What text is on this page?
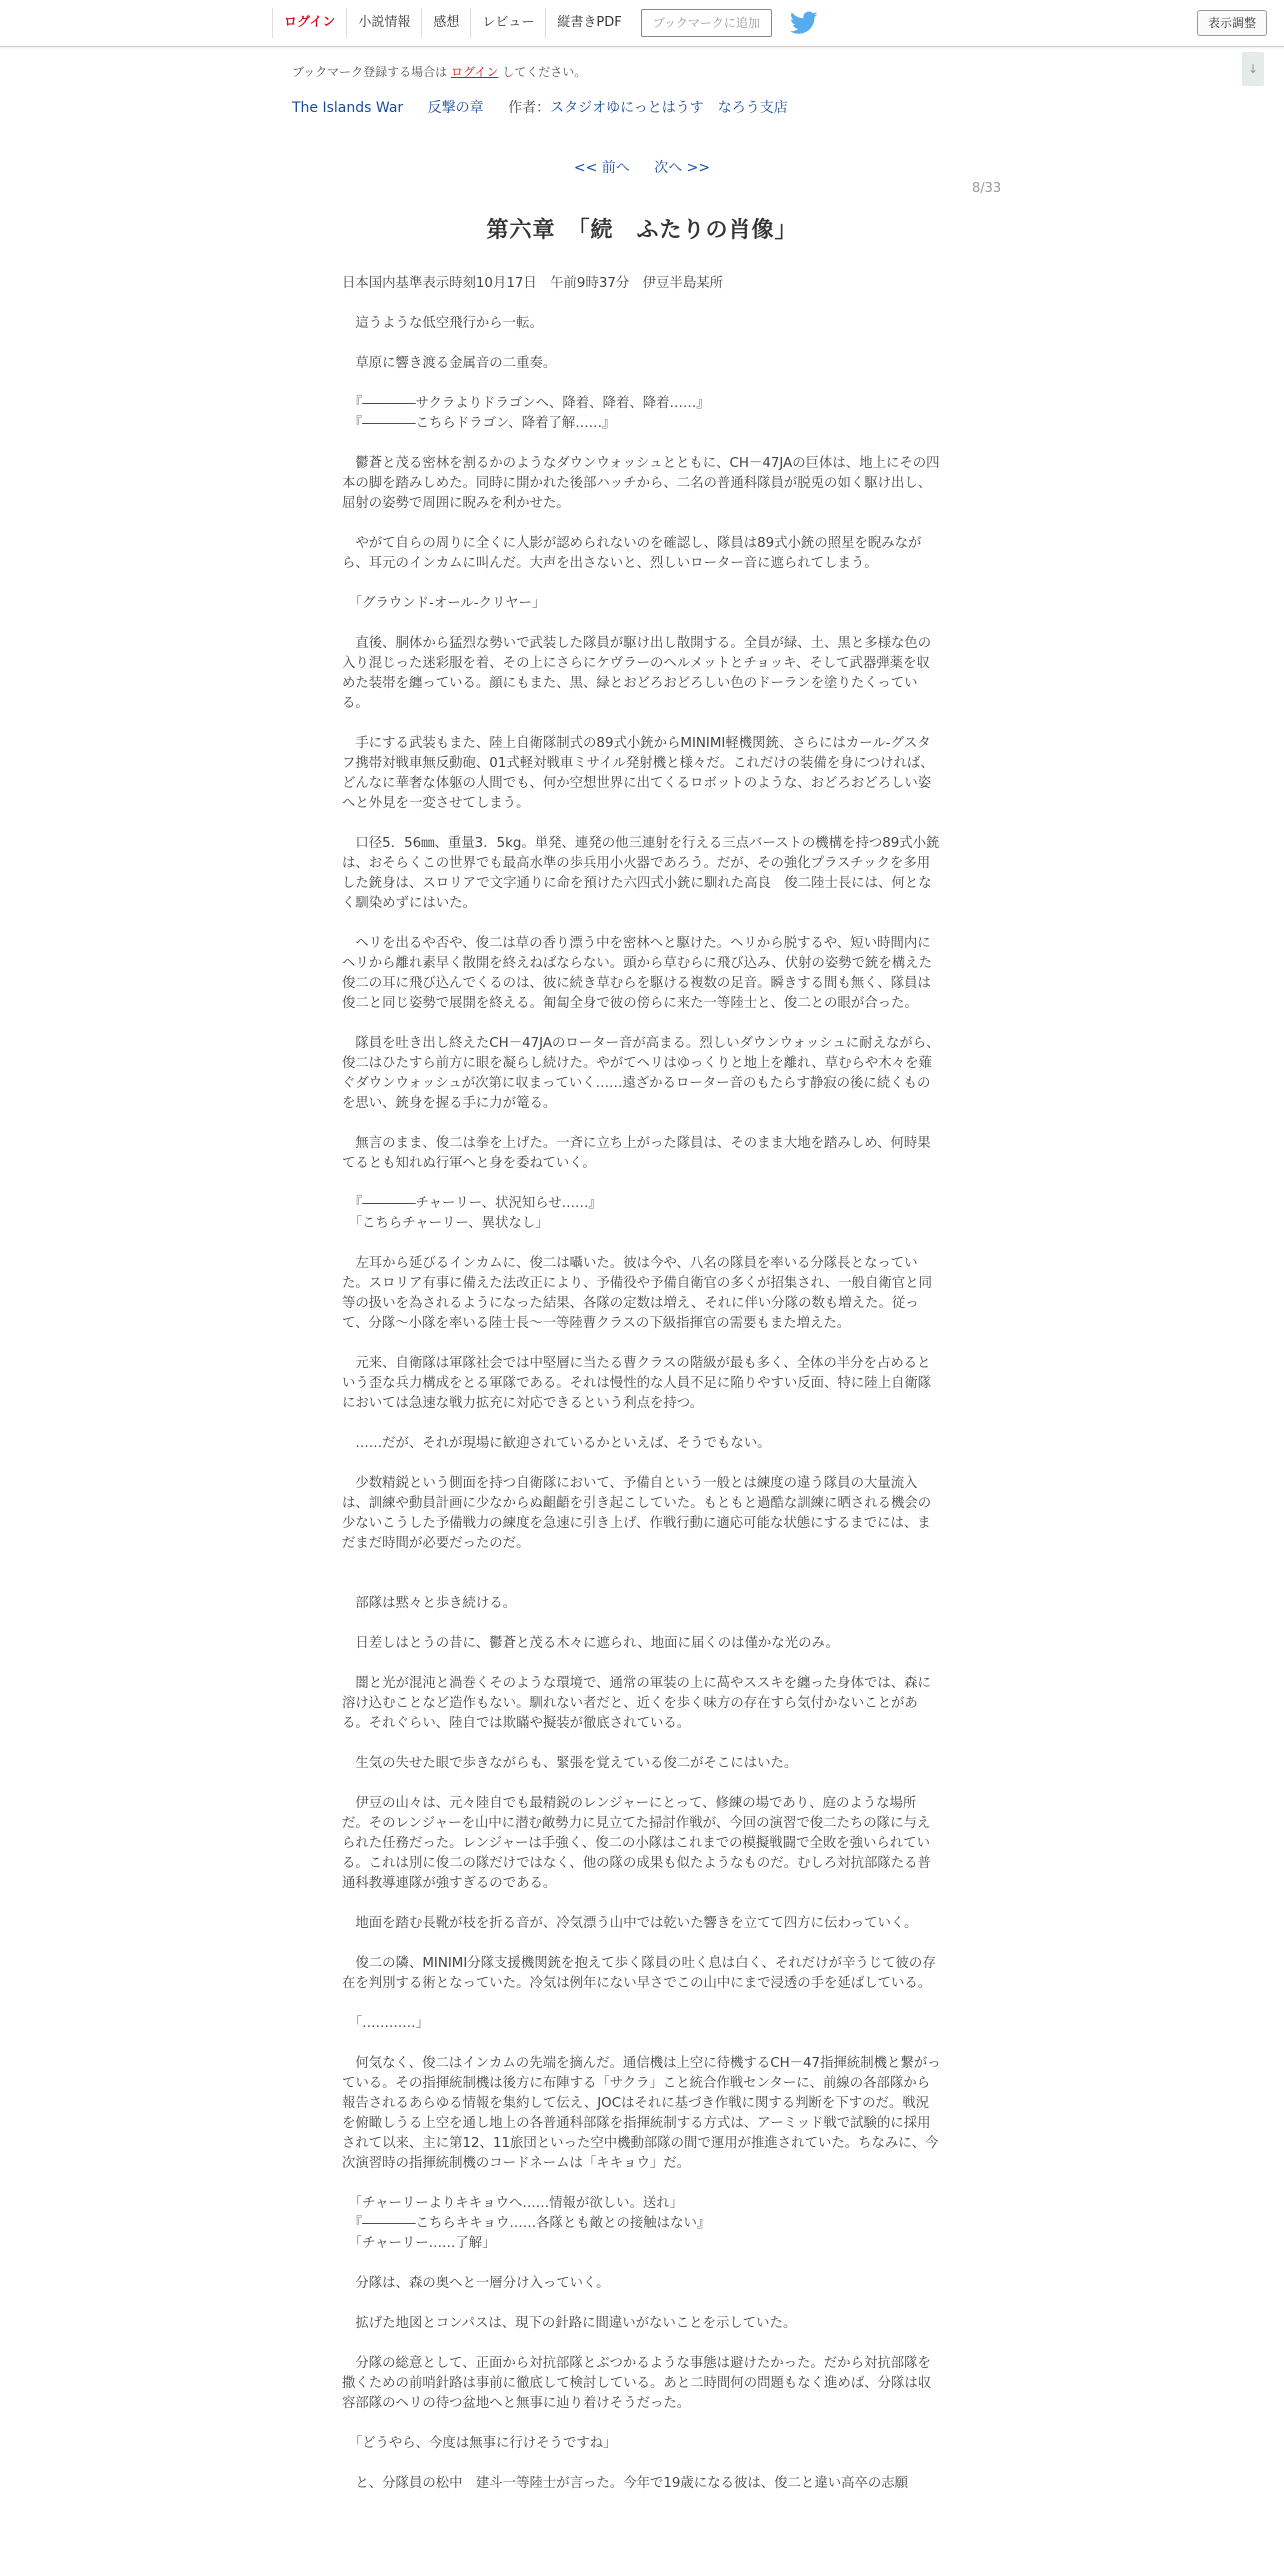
ログイン	小説情報	感想	レビュー	縦書きPDF	ブックマークに追加	表示調整
↓
ブックマーク登録する場合は ログイン してください。
The Islands War 反撃の章 作者：スタジオゆにっとはうす　なろう支店
<< 前へ 次へ >>
8/33
第六章　「続　ふたりの肖像」

日本国内基準表示時刻10月17日　午前9時37分　伊豆半島某所

　這うような低空飛行から一転。

　草原に響き渡る金属音の二重奏。

　『――――サクラよりドラゴンへ、降着、降着、降着……』
　『――――こちらドラゴン、降着了解……』

　鬱蒼と茂る密林を割るかのようなダウンウォッシュとともに、CH－47JAの巨体は、地上にその四本の脚を踏みしめた。同時に開かれた後部ハッチから、二名の普通科隊員が脱兎の如く駆け出し、屈射の姿勢で周囲に睨みを利かせた。

　やがて自らの周りに全くに人影が認められないのを確認し、隊員は89式小銃の照星を睨みながら、耳元のインカムに叫んだ。大声を出さないと、烈しいローター音に遮られてしまう。

　「グラウンド-オール-クリヤー」

　直後、胴体から猛烈な勢いで武装した隊員が駆け出し散開する。全員が緑、土、黒と多様な色の入り混じった迷彩服を着、その上にさらにケヴラーのヘルメットとチョッキ、そして武器弾薬を収めた装帯を纏っている。顔にもまた、黒、緑とおどろおどろしい色のドーランを塗りたくっている。

　手にする武装もまた、陸上自衛隊制式の89式小銃からMINIMI軽機関銃、さらにはカール-グスタフ携帯対戦車無反動砲、01式軽対戦車ミサイル発射機と様々だ。これだけの装備を身につければ、どんなに華奢な体躯の人間でも、何か空想世界に出てくるロボットのような、おどろおどろしい姿へと外見を一変させてしまう。

　口径5．56㎜、重量3．5kg。単発、連発の他三連射を行える三点バーストの機構を持つ89式小銃は、おそらくこの世界でも最高水準の歩兵用小火器であろう。だが、その強化プラスチックを多用した銃身は、スロリアで文字通りに命を預けた六四式小銃に馴れた高良　俊二陸士長には、何となく馴染めずにはいた。

　ヘリを出るや否や、俊二は草の香り漂う中を密林へと駆けた。ヘリから脱するや、短い時間内にヘリから離れ素早く散開を終えねばならない。頭から草むらに飛び込み、伏射の姿勢で銃を構えた俊二の耳に飛び込んでくるのは、彼に続き草むらを駆ける複数の足音。瞬きする間も無く、隊員は俊二と同じ姿勢で展開を終える。匍匐全身で彼の傍らに来た一等陸士と、俊二との眼が合った。

　隊員を吐き出し終えたCH－47JAのローター音が高まる。烈しいダウンウォッシュに耐えながら、俊二はひたすら前方に眼を凝らし続けた。やがてヘリはゆっくりと地上を離れ、草むらや木々を薙ぐダウンウォッシュが次第に収まっていく……遠ざかるローター音のもたらす静寂の後に続くものを思い、銃身を握る手に力が篭る。

　無言のまま、俊二は拳を上げた。一斉に立ち上がった隊員は、そのまま大地を踏みしめ、何時果てるとも知れぬ行軍へと身を委ねていく。

　『――――チャーリー、状況知らせ……』
　「こちらチャーリー、異状なし」

　左耳から延びるインカムに、俊二は囁いた。彼は今や、八名の隊員を率いる分隊長となっていた。スロリア有事に備えた法改正により、予備役や予備自衛官の多くが招集され、一般自衛官と同等の扱いを為されるようになった結果、各隊の定数は増え、それに伴い分隊の数も増えた。従って、分隊～小隊を率いる陸士長～一等陸曹クラスの下級指揮官の需要もまた増えた。

　元来、自衛隊は軍隊社会では中堅層に当たる曹クラスの階級が最も多く、全体の半分を占めるという歪な兵力構成をとる軍隊である。それは慢性的な人員不足に陥りやすい反面、特に陸上自衛隊においては急速な戦力拡充に対応できるという利点を持つ。

　……だが、それが現場に歓迎されているかといえば、そうでもない。

　少数精鋭という側面を持つ自衛隊において、予備自という一般とは練度の違う隊員の大量流入は、訓練や動員計画に少なからぬ齟齬を引き起こしていた。もともと過酷な訓練に晒される機会の少ないこうした予備戦力の練度を急速に引き上げ、作戦行動に適応可能な状態にするまでには、まだまだ時間が必要だったのだ。

　部隊は黙々と歩き続ける。

　日差しはとうの昔に、鬱蒼と茂る木々に遮られ、地面に届くのは僅かな光のみ。

　闇と光が混沌と渦巻くそのような環境で、通常の軍装の上に萵やススキを纏った身体では、森に溶け込むことなど造作もない。馴れない者だと、近くを歩く味方の存在すら気付かないことがある。それぐらい、陸自では欺瞞や擬装が徹底されている。

　生気の失せた眼で歩きながらも、緊張を覚えている俊二がそこにはいた。

　伊豆の山々は、元々陸自でも最精鋭のレンジャーにとって、修練の場であり、庭のような場所だ。そのレンジャーを山中に潜む敵勢力に見立てた掃討作戦が、今回の演習で俊二たちの隊に与えられた任務だった。レンジャーは手強く、俊二の小隊はこれまでの模擬戦闘で全敗を強いられている。これは別に俊二の隊だけではなく、他の隊の成果も似たようなものだ。むしろ対抗部隊たる普通科教導連隊が強すぎるのである。

　地面を踏む長靴が枝を折る音が、冷気漂う山中では乾いた響きを立てて四方に伝わっていく。

　俊二の隣、MINIMI分隊支援機関銃を抱えて歩く隊員の吐く息は白く、それだけが辛うじて彼の存在を判別する術となっていた。冷気は例年にない早さでこの山中にまで浸透の手を延ばしている。

　「…………」

　何気なく、俊二はインカムの先端を摘んだ。通信機は上空に待機するCH－47指揮統制機と繋がっている。その指揮統制機は後方に布陣する「サクラ」こと統合作戦センターに、前線の各部隊から報告されるあらゆる情報を集約して伝え、JOCはそれに基づき作戦に関する判断を下すのだ。戦況を俯瞰しうる上空を通し地上の各普通科部隊を指揮統制する方式は、アーミッド戦で試験的に採用されて以来、主に第12、11旅団といった空中機動部隊の間で運用が推進されていた。ちなみに、今次演習時の指揮統制機のコードネームは「キキョウ」だ。

　「チャーリーよりキキョウへ……情報が欲しい。送れ」
　『――――こちらキキョウ……各隊とも敵との接触はない』
　「チャーリー……了解」

　分隊は、森の奥へと一層分け入っていく。

　拡げた地図とコンパスは、現下の針路に間違いがないことを示していた。

　分隊の総意として、正面から対抗部隊とぶつかるような事態は避けたかった。だから対抗部隊を撒くための前哨針路は事前に徹底して検討している。あと二時間何の問題もなく進めば、分隊は収容部隊のヘリの待つ盆地へと無事に辿り着けそうだった。

　「どうやら、今度は無事に行けそうですね」

　と、分隊員の松中　建斗一等陸士が言った。今年で19歳になる彼は、俊二と違い高卒の志願
